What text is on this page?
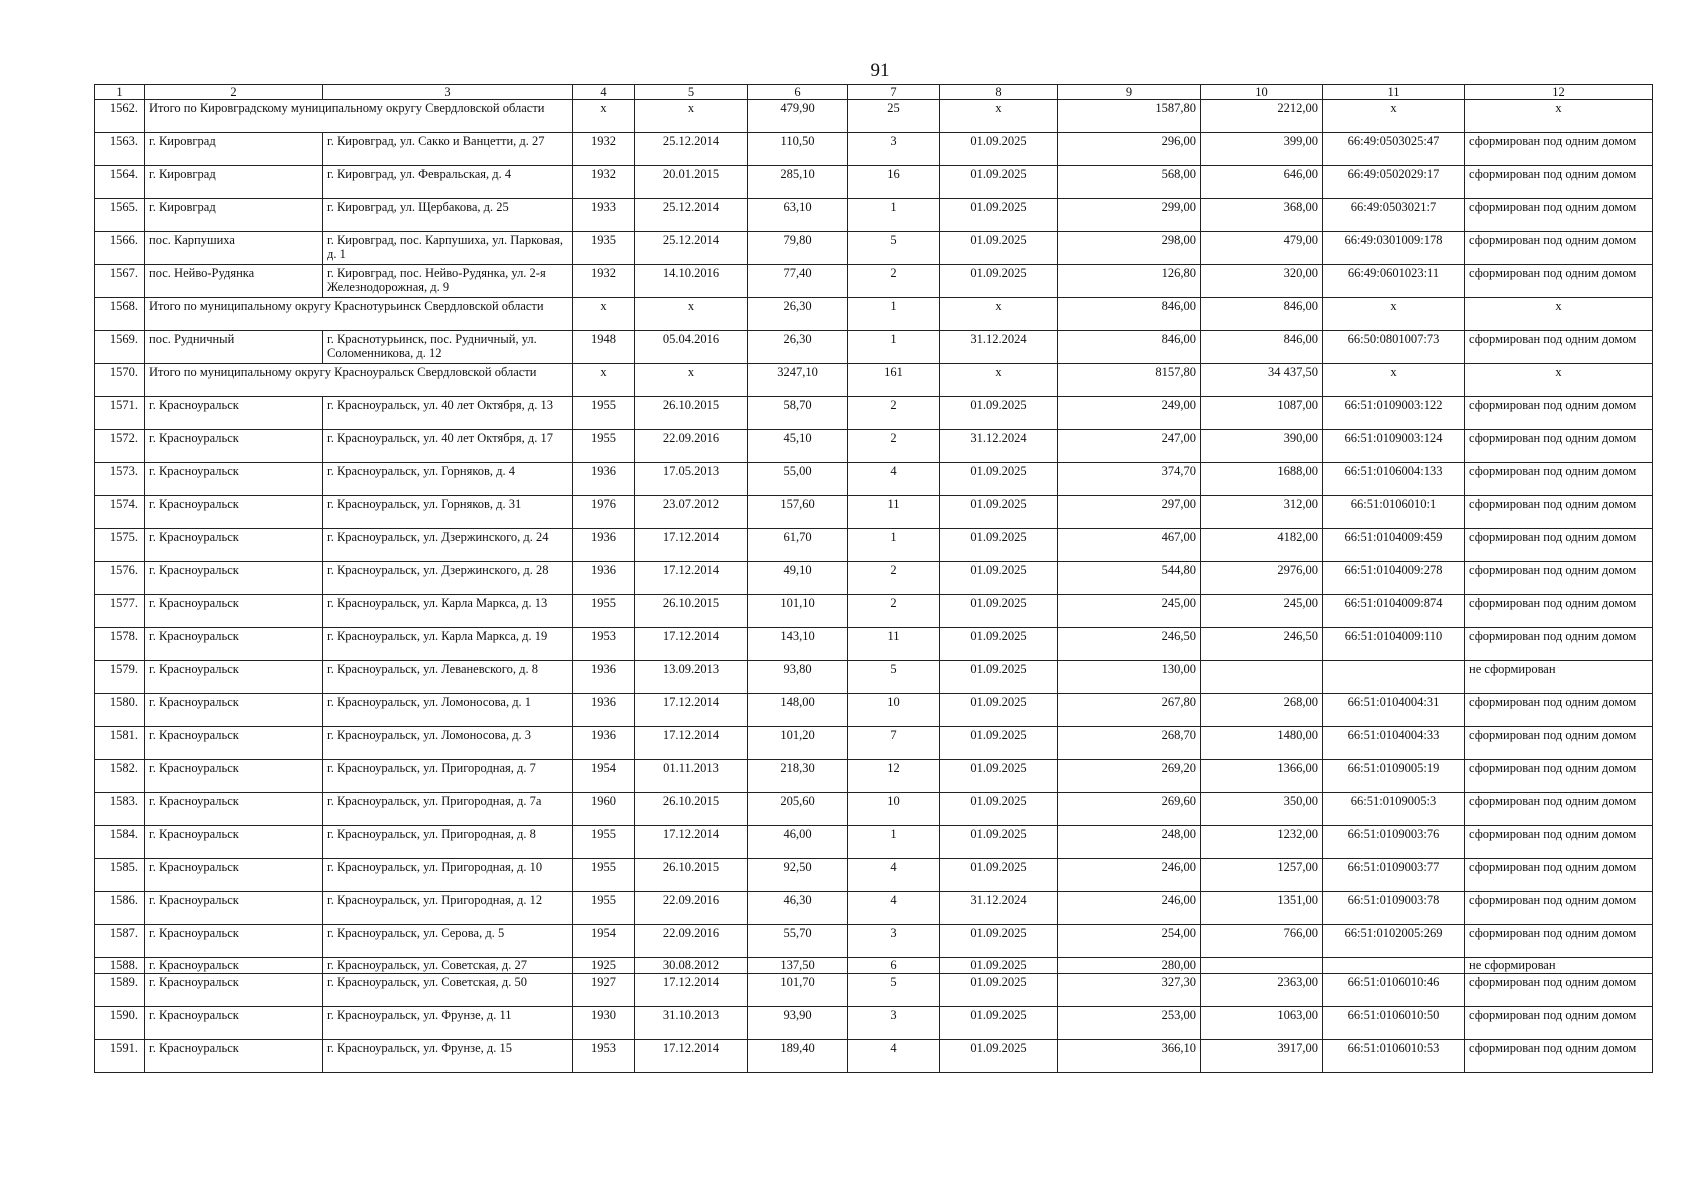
91
1	2	3	4	5	6	7	8	9	10	11	12
1562.	Итого по Кировградскому муниципальному округу Свердловской области		х	х	479,90	25	х	1587,80	2212,00	х	х
1563.	г. Кировград	г. Кировград, ул. Сакко и Ванцетти, д. 27	1932	25.12.2014	110,50	3	01.09.2025	296,00	399,00	66:49:0503025:47	сформирован под одним домом
1564.	г. Кировград	г. Кировград, ул. Февральская, д. 4	1932	20.01.2015	285,10	16	01.09.2025	568,00	646,00	66:49:0502029:17	сформирован под одним домом
1565.	г. Кировград	г. Кировград, ул. Щербакова, д. 25	1933	25.12.2014	63,10	1	01.09.2025	299,00	368,00	66:49:0503021:7	сформирован под одним домом
1566.	пос. Карпушиха	г. Кировград, пос. Карпушиха, ул. Парковая, д. 1	1935	25.12.2014	79,80	5	01.09.2025	298,00	479,00	66:49:0301009:178	сформирован под одним домом
1567.	пос. Нейво-Рудянка	г. Кировград, пос. Нейво-Рудянка, ул. 2-я Железнодорожная, д. 9	1932	14.10.2016	77,40	2	01.09.2025	126,80	320,00	66:49:0601023:11	сформирован под одним домом
1568.	Итого по муниципальному округу Краснотурьинск Свердловской области		х	х	26,30	1	х	846,00	846,00	х	х
1569.	пос. Рудничный	г. Краснотурьинск, пос. Рудничный, ул. Соломенникова, д. 12	1948	05.04.2016	26,30	1	31.12.2024	846,00	846,00	66:50:0801007:73	сформирован под одним домом
1570.	Итого по муниципальному округу Красноуральск Свердловской области		х	х	3247,10	161	х	8157,80	34 437,50	х	х
1571.	г. Красноуральск	г. Красноуральск, ул. 40 лет Октября, д. 13	1955	26.10.2015	58,70	2	01.09.2025	249,00	1087,00	66:51:0109003:122	сформирован под одним домом
1572.	г. Красноуральск	г. Красноуральск, ул. 40 лет Октября, д. 17	1955	22.09.2016	45,10	2	31.12.2024	247,00	390,00	66:51:0109003:124	сформирован под одним домом
1573.	г. Красноуральск	г. Красноуральск, ул. Горняков, д. 4	1936	17.05.2013	55,00	4	01.09.2025	374,70	1688,00	66:51:0106004:133	сформирован под одним домом
1574.	г. Красноуральск	г. Красноуральск, ул. Горняков, д. 31	1976	23.07.2012	157,60	11	01.09.2025	297,00	312,00	66:51:0106010:1	сформирован под одним домом
1575.	г. Красноуральск	г. Красноуральск, ул. Дзержинского, д. 24	1936	17.12.2014	61,70	1	01.09.2025	467,00	4182,00	66:51:0104009:459	сформирован под одним домом
1576.	г. Красноуральск	г. Красноуральск, ул. Дзержинского, д. 28	1936	17.12.2014	49,10	2	01.09.2025	544,80	2976,00	66:51:0104009:278	сформирован под одним домом
1577.	г. Красноуральск	г. Красноуральск, ул. Карла Маркса, д. 13	1955	26.10.2015	101,10	2	01.09.2025	245,00	245,00	66:51:0104009:874	сформирован под одним домом
1578.	г. Красноуральск	г. Красноуральск, ул. Карла Маркса, д. 19	1953	17.12.2014	143,10	11	01.09.2025	246,50	246,50	66:51:0104009:110	сформирован под одним домом
1579.	г. Красноуральск	г. Красноуральск, ул. Леваневского, д. 8	1936	13.09.2013	93,80	5	01.09.2025	130,00			не сформирован
1580.	г. Красноуральск	г. Красноуральск, ул. Ломоносова, д. 1	1936	17.12.2014	148,00	10	01.09.2025	267,80	268,00	66:51:0104004:31	сформирован под одним домом
1581.	г. Красноуральск	г. Красноуральск, ул. Ломоносова, д. 3	1936	17.12.2014	101,20	7	01.09.2025	268,70	1480,00	66:51:0104004:33	сформирован под одним домом
1582.	г. Красноуральск	г. Красноуральск, ул. Пригородная, д. 7	1954	01.11.2013	218,30	12	01.09.2025	269,20	1366,00	66:51:0109005:19	сформирован под одним домом
1583.	г. Красноуральск	г. Красноуральск, ул. Пригородная, д. 7а	1960	26.10.2015	205,60	10	01.09.2025	269,60	350,00	66:51:0109005:3	сформирован под одним домом
1584.	г. Красноуральск	г. Красноуральск, ул. Пригородная, д. 8	1955	17.12.2014	46,00	1	01.09.2025	248,00	1232,00	66:51:0109003:76	сформирован под одним домом
1585.	г. Красноуральск	г. Красноуральск, ул. Пригородная, д. 10	1955	26.10.2015	92,50	4	01.09.2025	246,00	1257,00	66:51:0109003:77	сформирован под одним домом
1586.	г. Красноуральск	г. Красноуральск, ул. Пригородная, д. 12	1955	22.09.2016	46,30	4	31.12.2024	246,00	1351,00	66:51:0109003:78	сформирован под одним домом
1587.	г. Красноуральск	г. Красноуральск, ул. Серова, д. 5	1954	22.09.2016	55,70	3	01.09.2025	254,00	766,00	66:51:0102005:269	сформирован под одним домом
1588.	г. Красноуральск	г. Красноуральск, ул. Советская, д. 27	1925	30.08.2012	137,50	6	01.09.2025	280,00			не сформирован
1589.	г. Красноуральск	г. Красноуральск, ул. Советская, д. 50	1927	17.12.2014	101,70	5	01.09.2025	327,30	2363,00	66:51:0106010:46	сформирован под одним домом
1590.	г. Красноуральск	г. Красноуральск, ул. Фрунзе, д. 11	1930	31.10.2013	93,90	3	01.09.2025	253,00	1063,00	66:51:0106010:50	сформирован под одним домом
1591.	г. Красноуральск	г. Красноуральск, ул. Фрунзе, д. 15	1953	17.12.2014	189,40	4	01.09.2025	366,10	3917,00	66:51:0106010:53	сформирован под одним домом
